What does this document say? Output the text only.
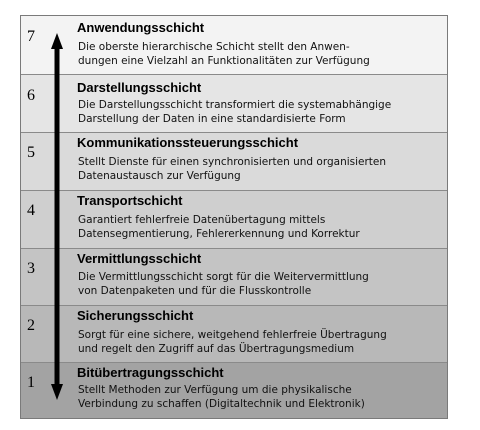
7
Anwendungsschicht
Die oberste hierarchische Schicht stellt den Anwen-
dungen eine Vielzahl an Funktionalitäten zur Verfügung
6	Darstellungsschicht
Die Darstellungsschicht transformiert die systemabhängige
Darstellung der Daten in eine standardisierte Form
5
Kommunikationssteuerungsschicht
Stellt Dienste für einen synchronisierten und organisierten
Datenaustausch zur Verfügung
4
Transportschicht
Garantiert fehlerfreie Datenübertagung mittels
Datensegmentierung, Fehlererkennung und Korrektur
3
Vermittlungsschicht
Die Vermittlungsschicht sorgt für die Weitervermittlung
von Datenpaketen und für die Flusskontrolle
2
Sicherungsschicht
Sorgt für eine sichere, weitgehend fehlerfreie Übertragung
und regelt den Zugriff auf das Übertragungsmedium
1
Bitübertragungsschicht
Stellt Methoden zur Verfügung um die physikalische
Verbindung zu schaffen (Digitaltechnik und Elektronik)
